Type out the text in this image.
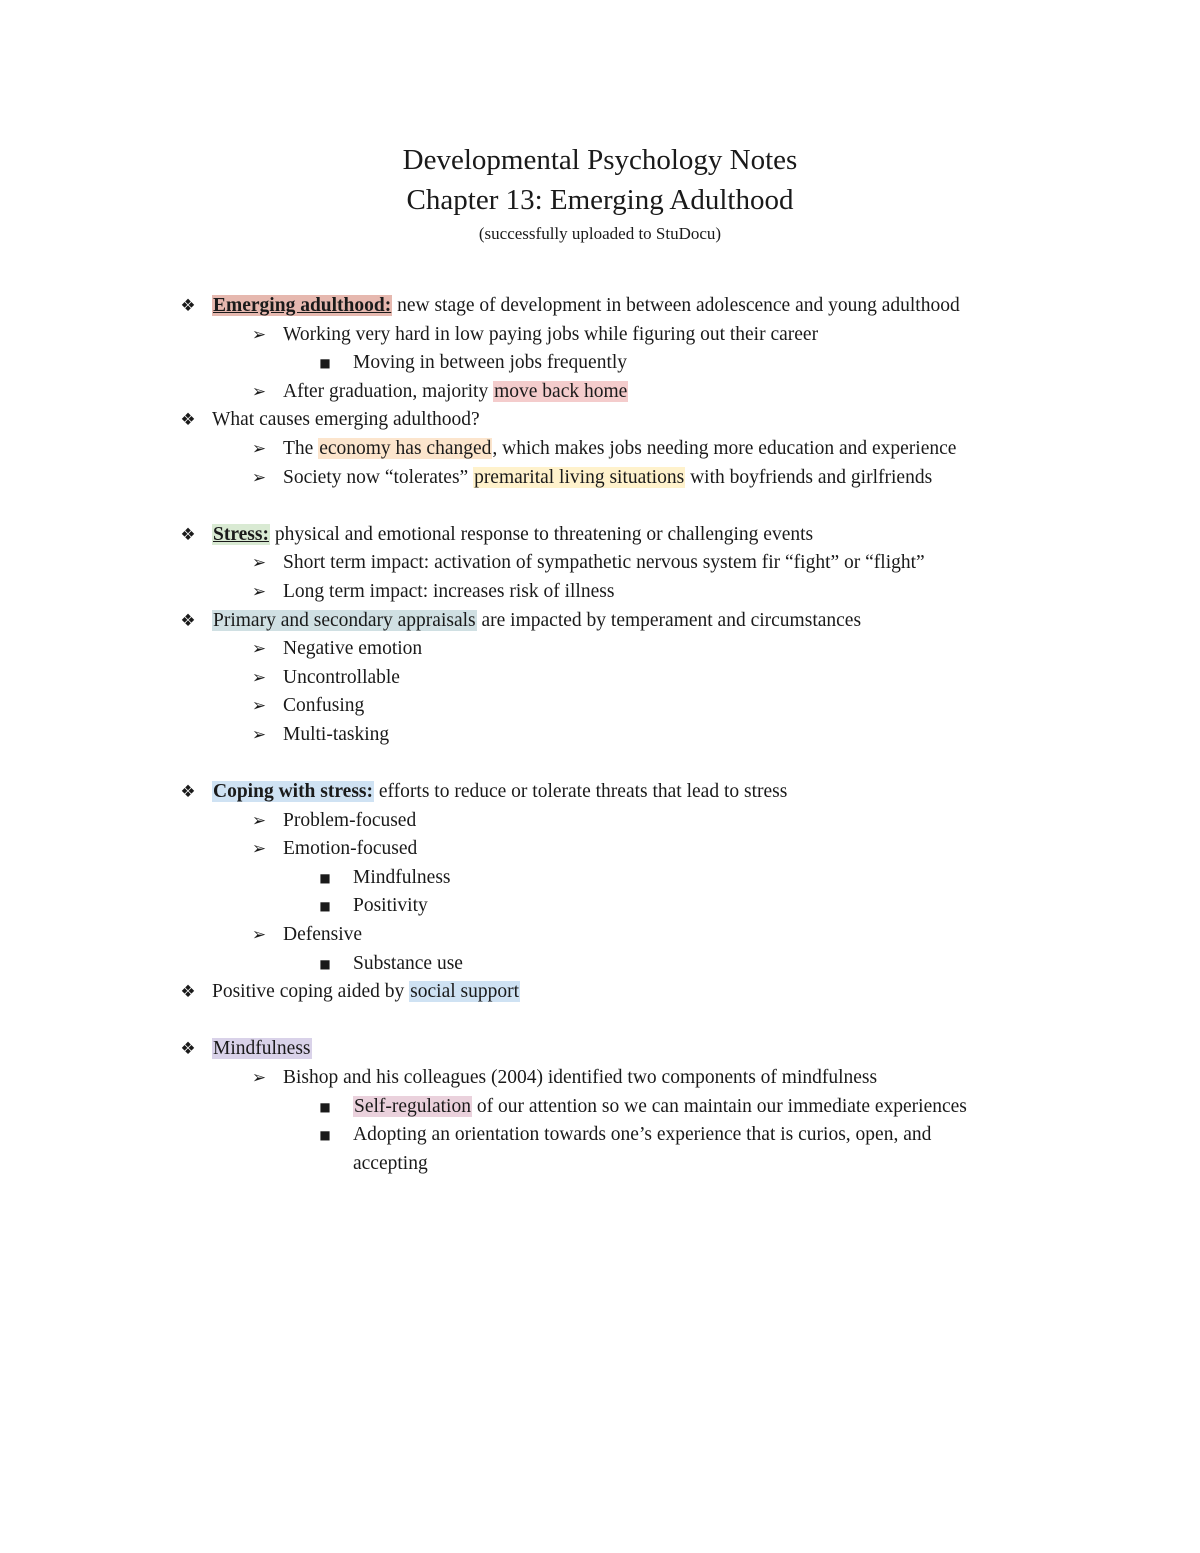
Developmental Psychology Notes
Chapter 13: Emerging Adulthood
(successfully uploaded to StuDocu)
❖ Emerging adulthood: new stage of development in between adolescence and young adulthood
➢ Working very hard in low paying jobs while figuring out their career
■ Moving in between jobs frequently
➢ After graduation, majority move back home
❖ What causes emerging adulthood?
➢ The economy has changed, which makes jobs needing more education and experience
➢ Society now “tolerates” premarital living situations with boyfriends and girlfriends
❖ Stress: physical and emotional response to threatening or challenging events
➢ Short term impact: activation of sympathetic nervous system fir “fight” or “flight”
➢ Long term impact: increases risk of illness
❖ Primary and secondary appraisals are impacted by temperament and circumstances
➢ Negative emotion
➢ Uncontrollable
➢ Confusing
➢ Multi-tasking
❖ Coping with stress: efforts to reduce or tolerate threats that lead to stress
➢ Problem-focused
➢ Emotion-focused
■ Mindfulness
■ Positivity
➢ Defensive
■ Substance use
❖ Positive coping aided by social support
❖ Mindfulness
➢ Bishop and his colleagues (2004) identified two components of mindfulness
■ Self-regulation of our attention so we can maintain our immediate experiences
■ Adopting an orientation towards one’s experience that is curios, open, and
accepting
